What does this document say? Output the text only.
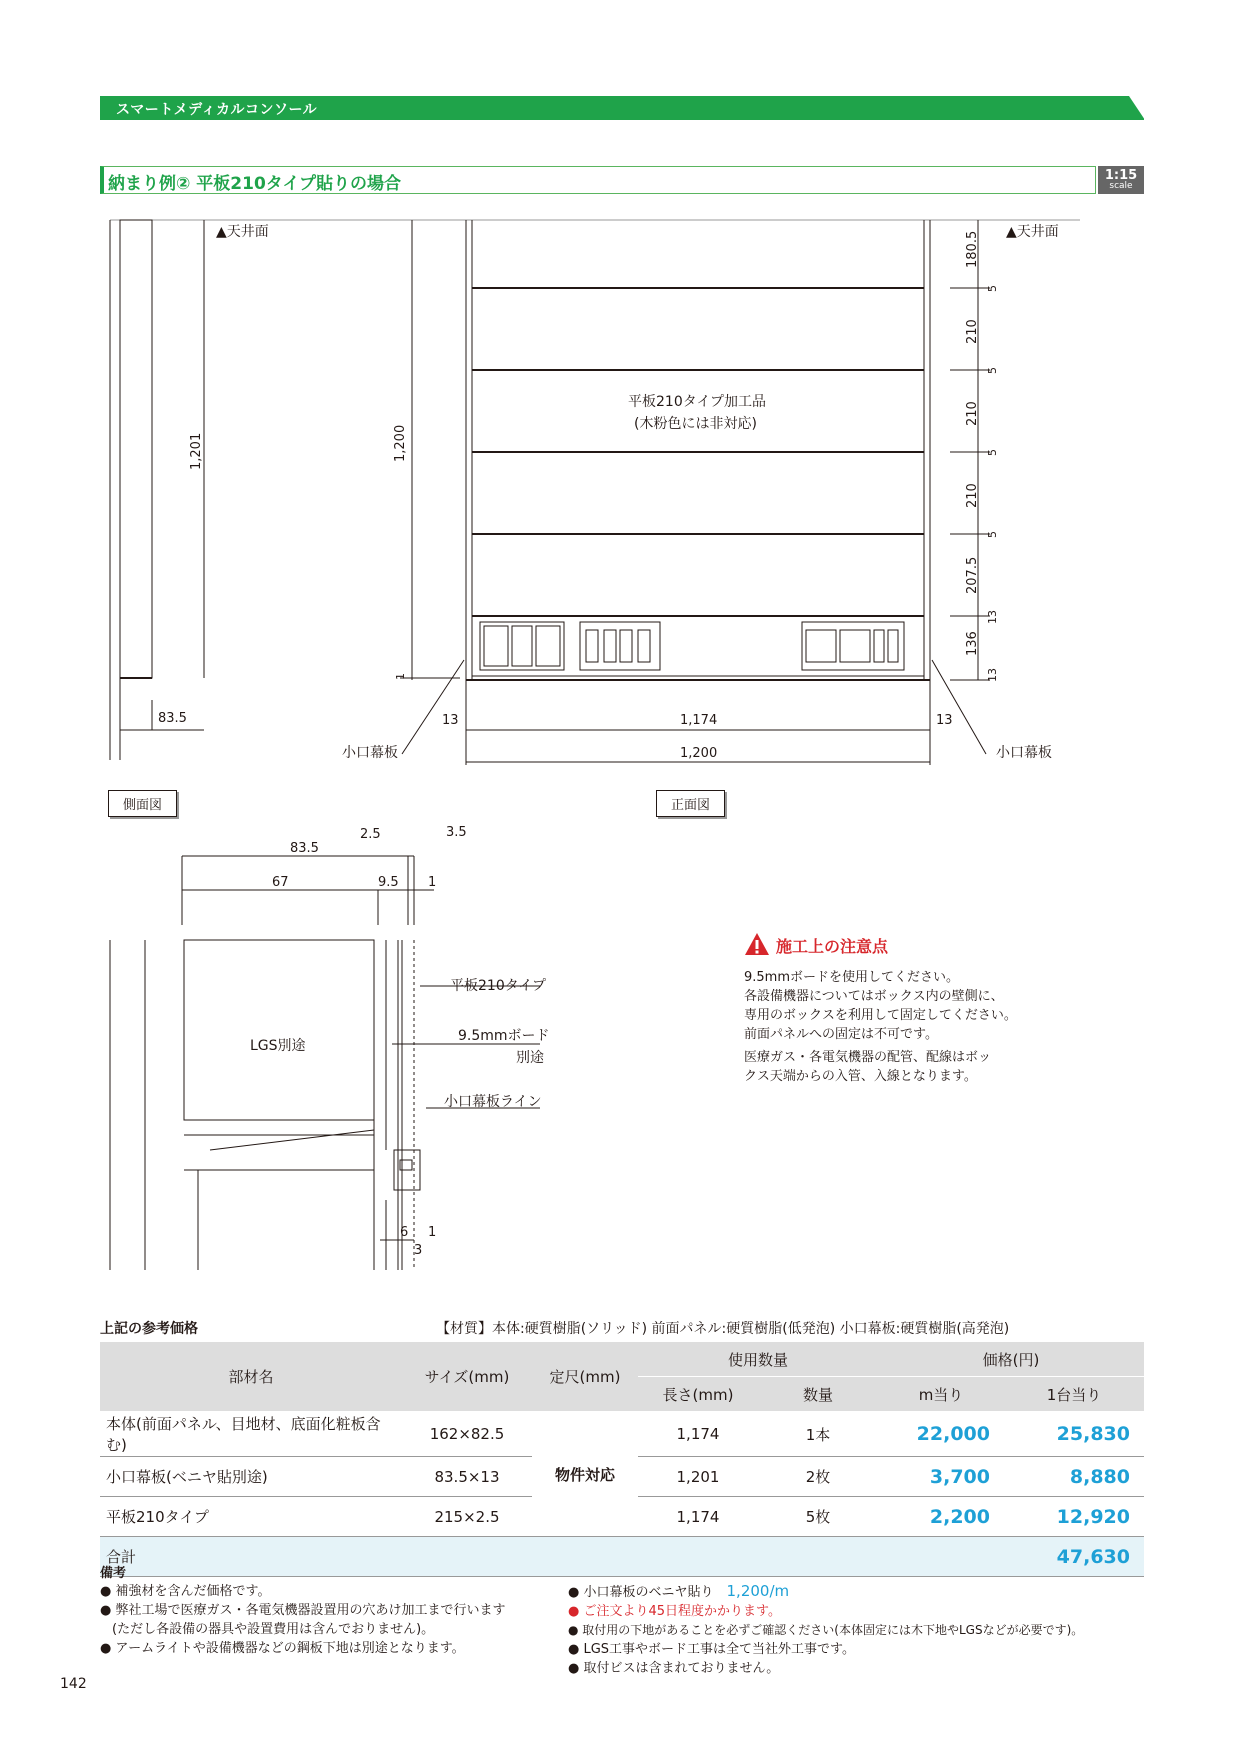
スマートメディカルコンソール
納まり例② 平板210タイプ貼りの場合	1:15
scale
▲天井面
1,201
83.5
1,200
1
平板210タイプ加工品
(木粉色には非対応)
▲天井面
180.5
5
210
5
210
5
210
5
207.5
13
136
13
13	1,174	13
1,200
小口幕板	小口幕板
83.5
2.5	3.5
67	9.5 1
LGS別途
平板210タイプ
9.5mmボード
別途
小口幕板ライン
6 1
3
側面図	正面図
施工上の注意点
9.5mmボードを使用してください。
各設備機器についてはボックス内の壁側に、
専用のボックスを利用して固定してください。
前面パネルへの固定は不可です。
医療ガス・各電気機器の配管、配線はボッ
クス天端からの入管、入線となります。
上記の参考価格	【材質】本体:硬質樹脂(ソリッド) 前面パネル:硬質樹脂(低発泡) 小口幕板:硬質樹脂(高発泡)
部材名	サイズ(mm)	定尺(mm)	使用数量		価格(円)	
			長さ(mm)	数量	m当り	1台当り
本体(前面パネル、目地材、底面化粧板含む)	162×82.5	物件対応	1,174	1本	22,000	25,830
小口幕板(ベニヤ貼別途)	83.5×13		1,201	2枚	3,700	8,880
平板210タイプ	215×2.5		1,174	5枚	2,200	12,920
合計						47,630
備考
● 補強材を含んだ価格です。
● 弊社工場で医療ガス・各電気機器設置用の穴あけ加工まで行います
(ただし各設備の器具や設置費用は含んでおりません)。
● アームライトや設備機器などの鋼板下地は別途となります。
● 小口幕板のベニヤ貼り　 1,200/m
● ご注文より45日程度かかります。
● 取付用の下地があることを必ずご確認ください(本体固定には木下地やLGSなどが必要です)。
● LGS工事やボード工事は全て当社外工事です。
● 取付ビスは含まれておりません。
142
